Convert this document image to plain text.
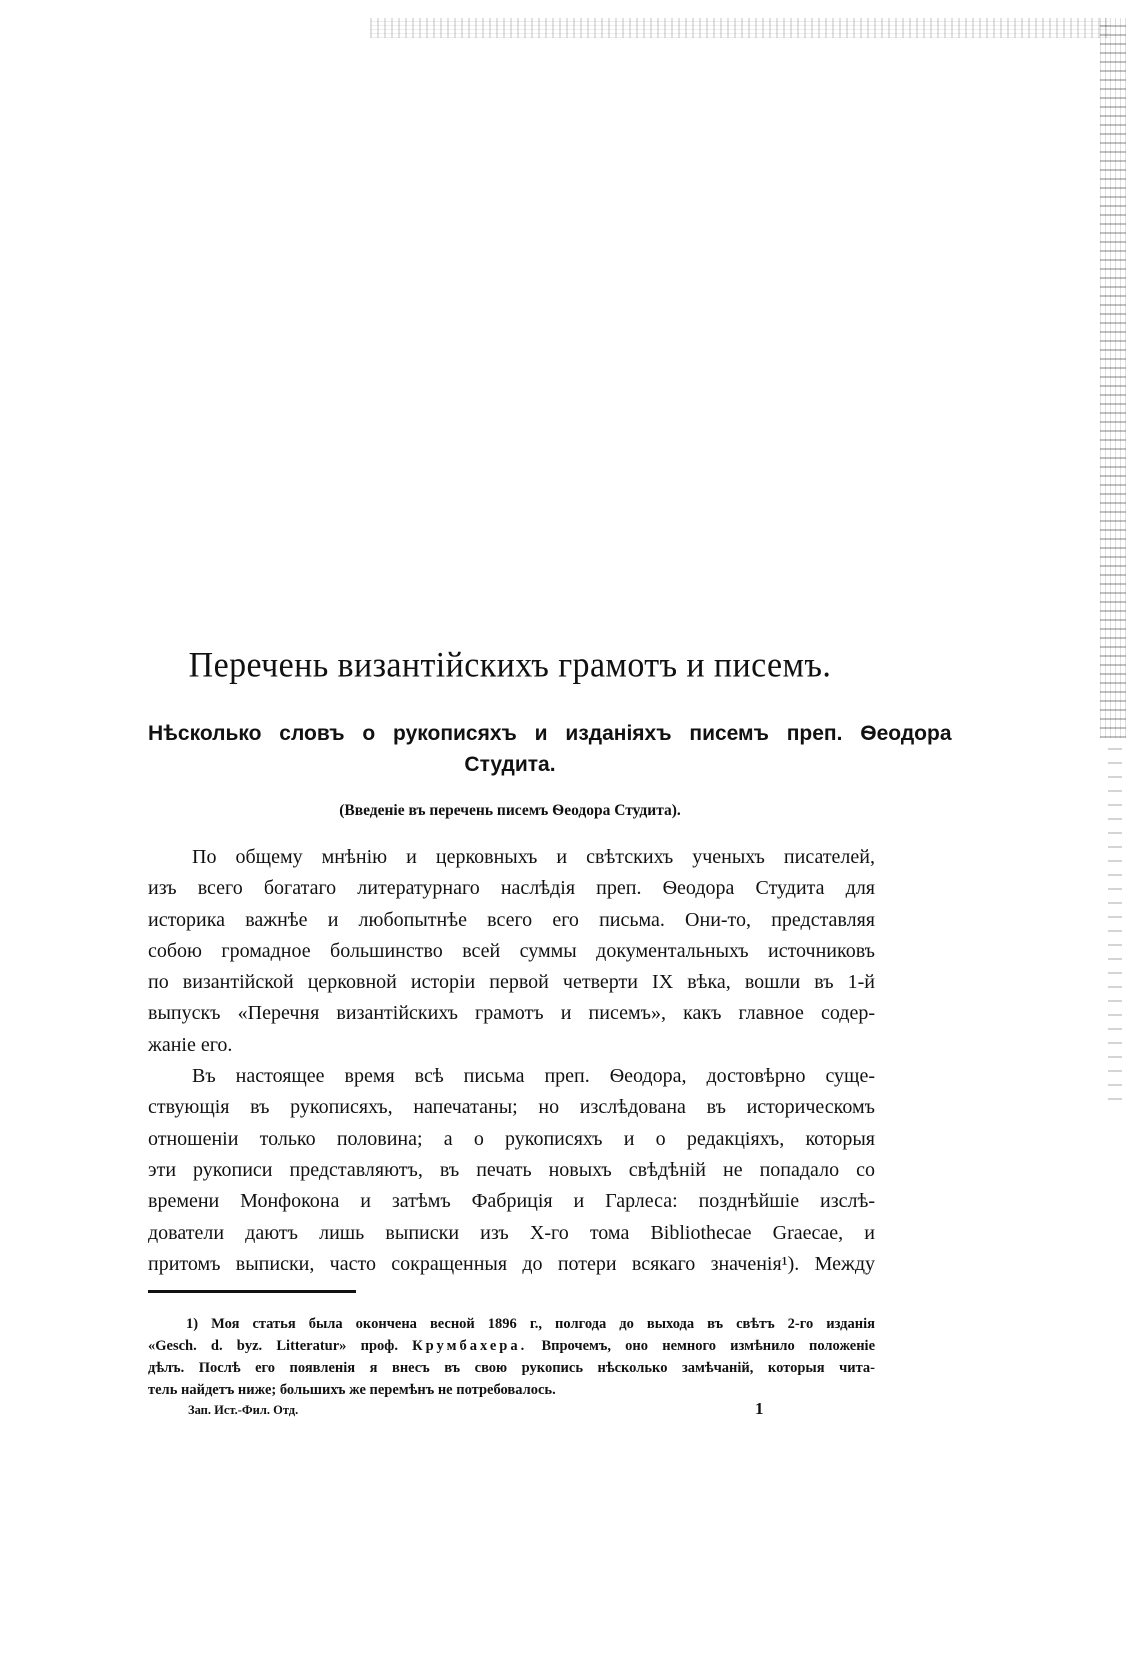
Перечень византійскихъ грамотъ и писемъ.
Нѣсколько словъ о рукописяхъ и изданіяхъ писемъ преп. Ѳеодора
Студита.
(Введеніе въ перечень писемъ Ѳеодора Студита).
По общему мнѣнію и церковныхъ и свѣтскихъ ученыхъ писателей,
изъ всего богатаго литературнаго наслѣдія преп. Ѳеодора Студита для
историка важнѣе и любопытнѣе всего его письма. Они-то, представляя
собою громадное большинство всей суммы документальныхъ источниковъ
по византійской церковной исторіи первой четверти IX вѣка, вошли въ 1-й
выпускъ «Перечня византійскихъ грамотъ и писемъ», какъ главное содер-
жаніе его.
Въ настоящее время всѣ письма преп. Ѳеодора, достовѣрно суще-
ствующія въ рукописяхъ, напечатаны; но изслѣдована въ историческомъ
отношеніи только половина; а о рукописяхъ и о редакціяхъ, которыя
эти рукописи представляютъ, въ печать новыхъ свѣдѣній не попадало со
времени Монфокона и затѣмъ Фабриція и Гарлеса: позднѣйшіе изслѣ-
дователи даютъ лишь выписки изъ X-го тома Bibliothecae Graecae, и
притомъ выписки, часто сокращенныя до потери всякаго значенія¹). Между
1) Моя статья была окончена весной 1896 г., полгода до выхода въ свѣтъ 2-го изданія
«Gesch. d. byz. Litteratur» проф. Крумбахера. Впрочемъ, оно немного измѣнило положеніе
дѣлъ. Послѣ его появленія я внесъ въ свою рукопись нѣсколько замѣчаній, которыя чита-
тель найдетъ ниже; большихъ же перемѣнъ не потребовалось.
Зап. Ист.-Фил. Отд.	1
